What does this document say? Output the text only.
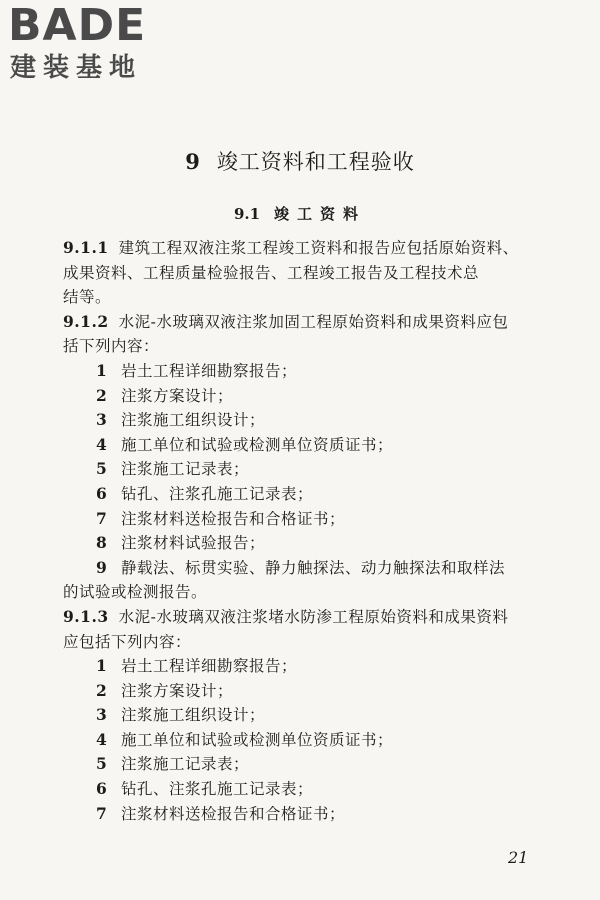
BADE
建装基地
9 竣工资料和工程验收
9.1 竣工资料
9.1.1 建筑工程双液注浆工程竣工资料和报告应包括原始资料、
成果资料、工程质量检验报告、工程竣工报告及工程技术总
结等。
9.1.2 水泥-水玻璃双液注浆加固工程原始资料和成果资料应包
括下列内容：
1 岩土工程详细勘察报告；
2 注浆方案设计；
3 注浆施工组织设计；
4 施工单位和试验或检测单位资质证书；
5 注浆施工记录表；
6 钻孔、注浆孔施工记录表；
7 注浆材料送检报告和合格证书；
8 注浆材料试验报告；
9 静载法、标贯实验、静力触探法、动力触探法和取样法
的试验或检测报告。
9.1.3 水泥-水玻璃双液注浆堵水防渗工程原始资料和成果资料
应包括下列内容：
1 岩土工程详细勘察报告；
2 注浆方案设计；
3 注浆施工组织设计；
4 施工单位和试验或检测单位资质证书；
5 注浆施工记录表；
6 钻孔、注浆孔施工记录表；
7 注浆材料送检报告和合格证书；
21
